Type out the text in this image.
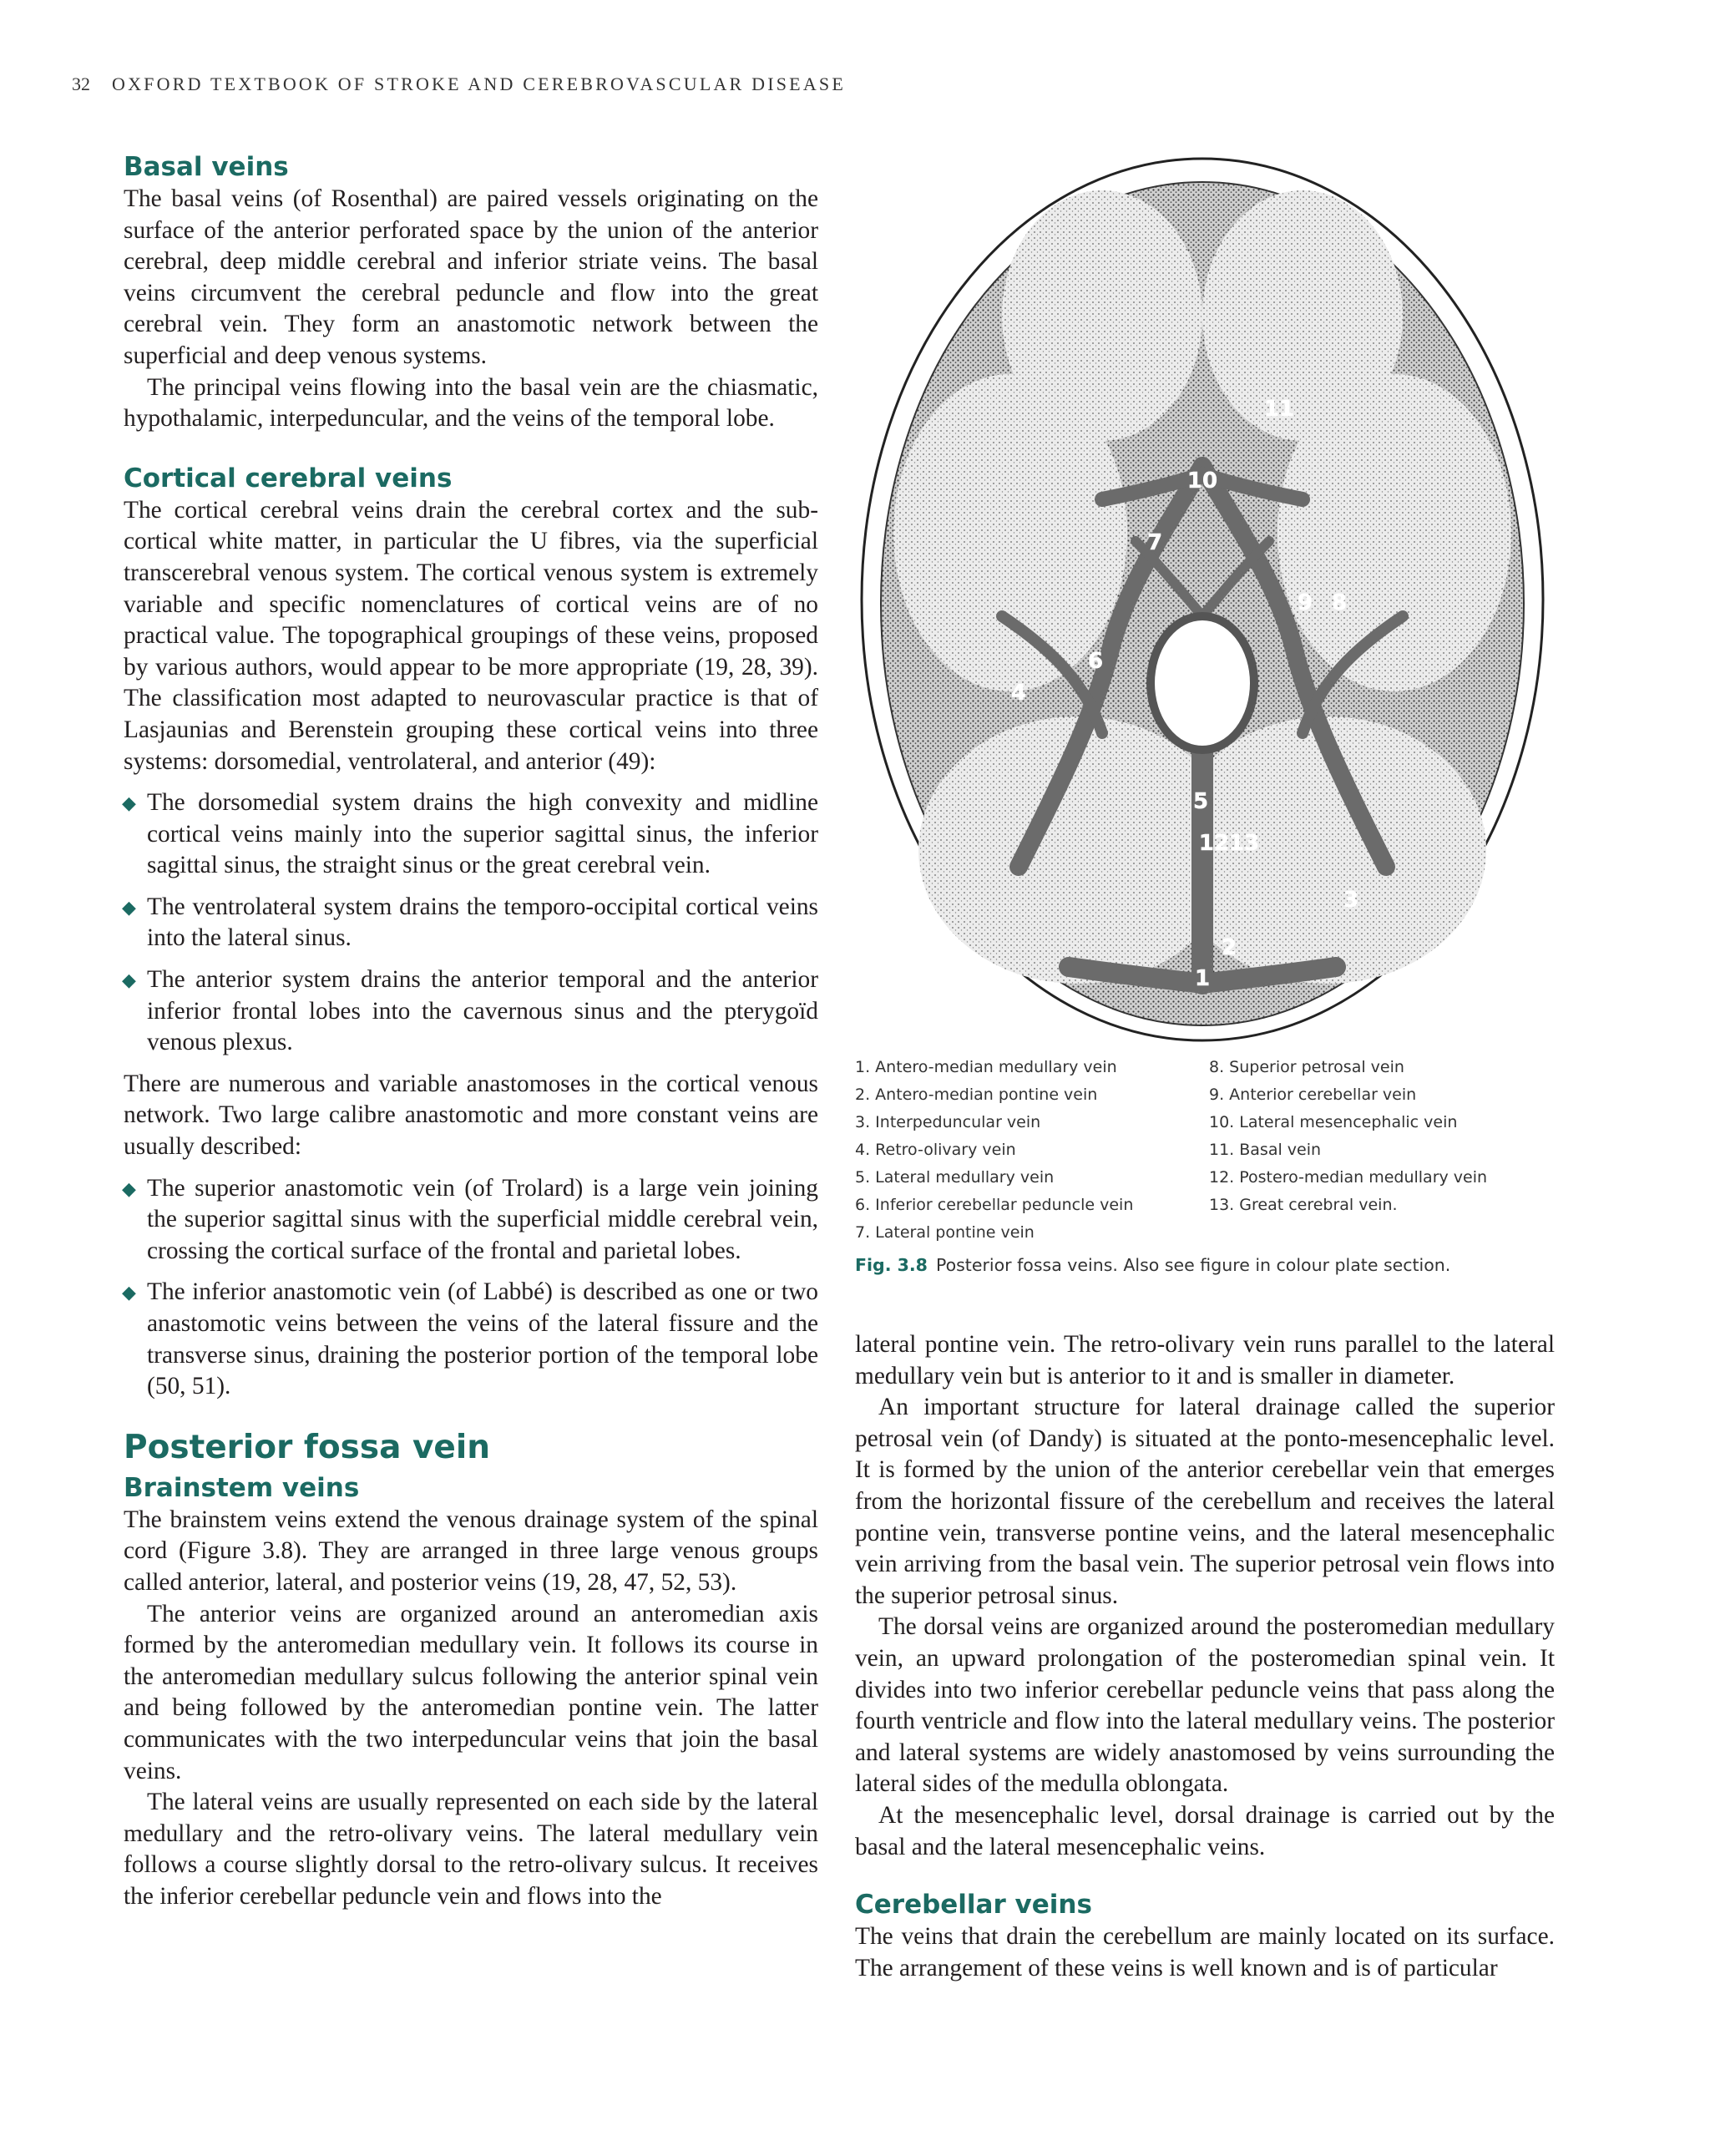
32 OXFORD TEXTBOOK OF STROKE AND CEREBROVASCULAR DISEASE
Basal veins

The basal veins (of Rosenthal) are paired vessels originating on the surface of the anterior perforated space by the union of the anterior cerebral, deep middle cerebral and inferior striate veins. The basal veins circumvent the cerebral peduncle and flow into the great cerebral vein. They form an anastomotic network between the superficial and deep venous systems.

The principal veins flowing into the basal vein are the chiasmatic, hypothalamic, interpeduncular, and the veins of the temporal lobe.

Cortical cerebral veins

The cortical cerebral veins drain the cerebral cortex and the sub-cortical white matter, in particular the U fibres, via the superficial transcerebral venous system. The cortical venous system is extremely variable and specific nomenclatures of cortical veins are of no practical value. The topographical groupings of these veins, proposed by various authors, would appear to be more appropriate (19, 28, 39). The classification most adapted to neurovascular practice is that of Lasjaunias and Berenstein grouping these cortical veins into three systems: dorsomedial, ventrolateral, and anterior (49):

◆ The dorsomedial system drains the high convexity and midline cortical veins mainly into the superior sagittal sinus, the inferior sagittal sinus, the straight sinus or the great cerebral vein.
◆ The ventrolateral system drains the temporo-occipital cortical veins into the lateral sinus.
◆ The anterior system drains the anterior temporal and the anterior inferior frontal lobes into the cavernous sinus and the pterygoïd venous plexus.

There are numerous and variable anastomoses in the cortical venous network. Two large calibre anastomotic and more constant veins are usually described:

◆ The superior anastomotic vein (of Trolard) is a large vein joining the superior sagittal sinus with the superficial middle cerebral vein, crossing the cortical surface of the frontal and parietal lobes.
◆ The inferior anastomotic vein (of Labbé) is described as one or two anastomotic veins between the veins of the lateral fissure and the transverse sinus, draining the posterior portion of the temporal lobe (50, 51).
Posterior fossa vein
Brainstem veins

The brainstem veins extend the venous drainage system of the spinal cord (Figure 3.8). They are arranged in three large venous groups called anterior, lateral, and posterior veins (19, 28, 47, 52, 53).

The anterior veins are organized around an anteromedian axis formed by the anteromedian medullary vein. It follows its course in the anteromedian medullary sulcus following the anterior spinal vein and being followed by the anteromedian pontine vein. The latter communicates with the two interpeduncular veins that join the basal veins.

The lateral veins are usually represented on each side by the lateral medullary and the retro-olivary veins. The lateral medullary vein follows a course slightly dorsal to the retro-olivary sulcus. It receives the inferior cerebellar peduncle vein and flows into the

1
2
3
4
5
6
7
8
9
10
11
12 13
1. Antero-median medullary vein
2. Antero-median pontine vein
3. Interpeduncular vein
4. Retro-olivary vein
5. Lateral medullary vein
6. Inferior cerebellar peduncle vein
7. Lateral pontine vein
8. Superior petrosal vein
9. Anterior cerebellar vein
10. Lateral mesencephalic vein
11. Basal vein
12. Postero-median medullary vein
13. Great cerebral vein.
Fig. 3.8 Posterior fossa veins. Also see figure in colour plate section.

lateral pontine vein. The retro-olivary vein runs parallel to the lateral medullary vein but is anterior to it and is smaller in diameter.

An important structure for lateral drainage called the superior petrosal vein (of Dandy) is situated at the ponto-mesencephalic level. It is formed by the union of the anterior cerebellar vein that emerges from the horizontal fissure of the cerebellum and receives the lateral pontine vein, transverse pontine veins, and the lateral mesencephalic vein arriving from the basal vein. The superior petrosal vein flows into the superior petrosal sinus.

The dorsal veins are organized around the posteromedian medullary vein, an upward prolongation of the posteromedian spinal vein. It divides into two inferior cerebellar peduncle veins that pass along the fourth ventricle and flow into the lateral medullary veins. The posterior and lateral systems are widely anastomosed by veins surrounding the lateral sides of the medulla oblongata.

At the mesencephalic level, dorsal drainage is carried out by the basal and the lateral mesencephalic veins.

Cerebellar veins

The veins that drain the cerebellum are mainly located on its surface. The arrangement of these veins is well known and is of particular
